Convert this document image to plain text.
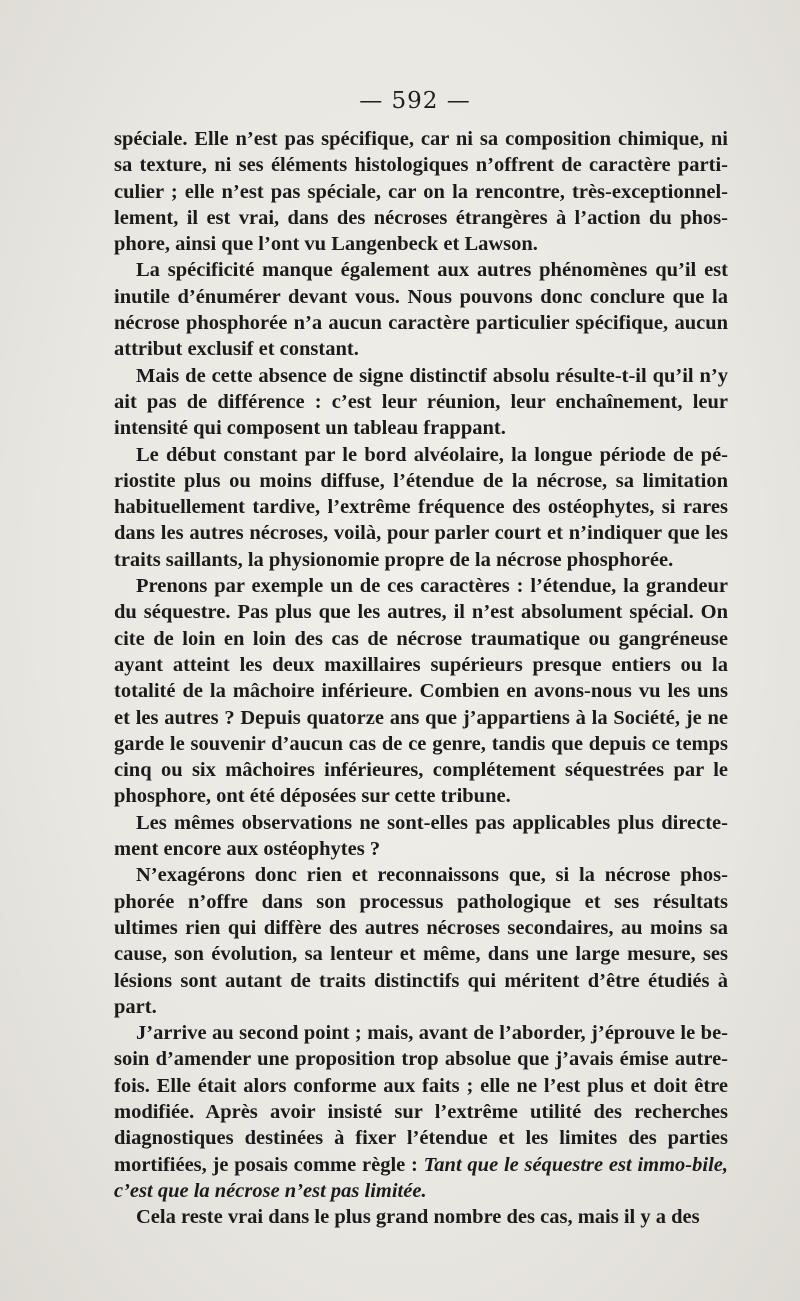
— 592 —

spéciale. Elle n’est pas spécifique, car ni sa composition chimique, ni sa texture, ni ses éléments histologiques n’offrent de caractère parti-culier ; elle n’est pas spéciale, car on la rencontre, très-exceptionnel-lement, il est vrai, dans des nécroses étrangères à l’action du phos-phore, ainsi que l’ont vu Langenbeck et Lawson.

La spécificité manque également aux autres phénomènes qu’il est inutile d’énumérer devant vous. Nous pouvons donc conclure que la nécrose phosphorée n’a aucun caractère particulier spécifique, aucun attribut exclusif et constant.

Mais de cette absence de signe distinctif absolu résulte-t-il qu’il n’y ait pas de différence : c’est leur réunion, leur enchaînement, leur intensité qui composent un tableau frappant.

Le début constant par le bord alvéolaire, la longue période de pé-riostite plus ou moins diffuse, l’étendue de la nécrose, sa limitation habituellement tardive, l’extrême fréquence des ostéophytes, si rares dans les autres nécroses, voilà, pour parler court et n’indiquer que les traits saillants, la physionomie propre de la nécrose phosphorée.

Prenons par exemple un de ces caractères : l’étendue, la grandeur du séquestre. Pas plus que les autres, il n’est absolument spécial. On cite de loin en loin des cas de nécrose traumatique ou gangréneuse ayant atteint les deux maxillaires supérieurs presque entiers ou la totalité de la mâchoire inférieure. Combien en avons-nous vu les uns et les autres ? Depuis quatorze ans que j’appartiens à la Société, je ne garde le souvenir d’aucun cas de ce genre, tandis que depuis ce temps cinq ou six mâchoires inférieures, complétement séquestrées par le phosphore, ont été déposées sur cette tribune.

Les mêmes observations ne sont-elles pas applicables plus directe-ment encore aux ostéophytes ?

N’exagérons donc rien et reconnaissons que, si la nécrose phos-phorée n’offre dans son processus pathologique et ses résultats ultimes rien qui diffère des autres nécroses secondaires, au moins sa cause, son évolution, sa lenteur et même, dans une large mesure, ses lésions sont autant de traits distinctifs qui méritent d’être étudiés à part.

J’arrive au second point ; mais, avant de l’aborder, j’éprouve le be-soin d’amender une proposition trop absolue que j’avais émise autre-fois. Elle était alors conforme aux faits ; elle ne l’est plus et doit être modifiée. Après avoir insisté sur l’extrême utilité des recherches diagnostiques destinées à fixer l’étendue et les limites des parties mortifiées, je posais comme règle : Tant que le séquestre est immo-bile, c’est que la nécrose n’est pas limitée.

Cela reste vrai dans le plus grand nombre des cas, mais il y a des
